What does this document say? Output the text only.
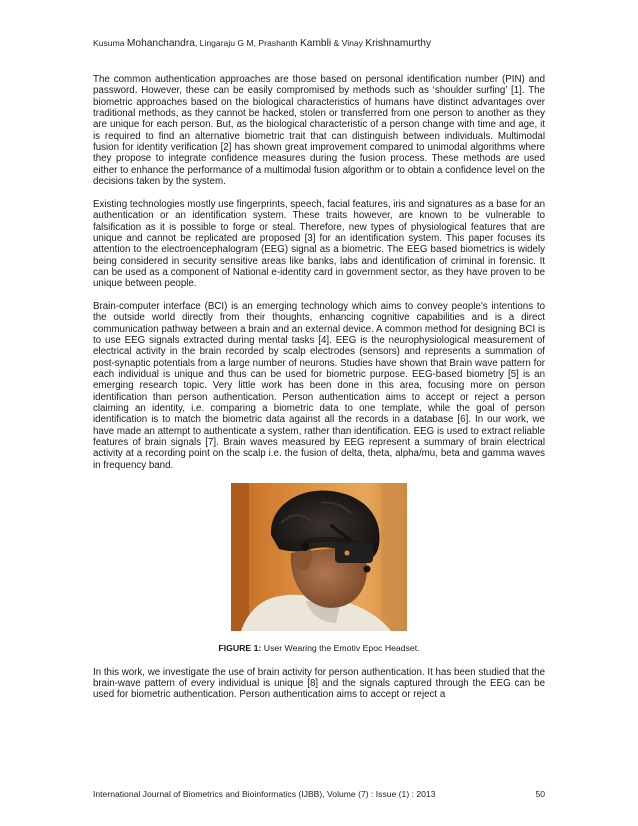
Kusuma Mohanchandra, Lingaraju G M, Prashanth Kambli & Vinay Krishnamurthy

The common authentication approaches are those based on personal identification number (PIN) and password. However, these can be easily compromised by methods such as ‘shoulder surfing’ [1]. The biometric approaches based on the biological characteristics of humans have distinct advantages over traditional methods, as they cannot be hacked, stolen or transferred from one person to another as they are unique for each person. But, as the biological characteristic of a person change with time and age, it is required to find an alternative biometric trait that can distinguish between individuals. Multimodal fusion for identity verification [2] has shown great improvement compared to unimodal algorithms where they propose to integrate confidence measures during the fusion process. These methods are used either to enhance the performance of a multimodal fusion algorithm or to obtain a confidence level on the decisions taken by the system.

Existing technologies mostly use fingerprints, speech, facial features, iris and signatures as a base for an authentication or an identification system. These traits however, are known to be vulnerable to falsification as it is possible to forge or steal. Therefore, new types of physiological features that are unique and cannot be replicated are proposed [3] for an identification system. This paper focuses its attention to the electroencephalogram (EEG) signal as a biometric. The EEG based biometrics is widely being considered in security sensitive areas like banks, labs and identification of criminal in forensic. It can be used as a component of National e-identity card in government sector, as they have proven to be unique between people.

Brain-computer interface (BCI) is an emerging technology which aims to convey people's intentions to the outside world directly from their thoughts, enhancing cognitive capabilities and is a direct communication pathway between a brain and an external device. A common method for designing BCI is to use EEG signals extracted during mental tasks [4]. EEG is the neurophysiological measurement of electrical activity in the brain recorded by scalp electrodes (sensors) and represents a summation of post-synaptic potentials from a large number of neurons. Studies have shown that Brain wave pattern for each individual is unique and thus can be used for biometric purpose. EEG-based biometry [5] is an emerging research topic. Very little work has been done in this area, focusing more on person identification than person authentication. Person authentication aims to accept or reject a person claiming an identity, i.e. comparing a biometric data to one template, while the goal of person identification is to match the biometric data against all the records in a database [6]. In our work, we have made an attempt to authenticate a system, rather than identification. EEG is used to extract reliable features of brain signals [7]. Brain waves measured by EEG represent a summary of brain electrical activity at a recording point on the scalp i.e. the fusion of delta, theta, alpha/mu, beta and gamma waves in frequency band.

FIGURE 1: User Wearing the Emotiv Epoc Headset.

In this work, we investigate the use of brain activity for person authentication. It has been studied that the brain-wave pattern of every individual is unique [8] and the signals captured through the EEG can be used for biometric authentication. Person authentication aims to accept or reject a

International Journal of Biometrics and Bioinformatics (IJBB), Volume (7) : Issue (1) : 2013	50
